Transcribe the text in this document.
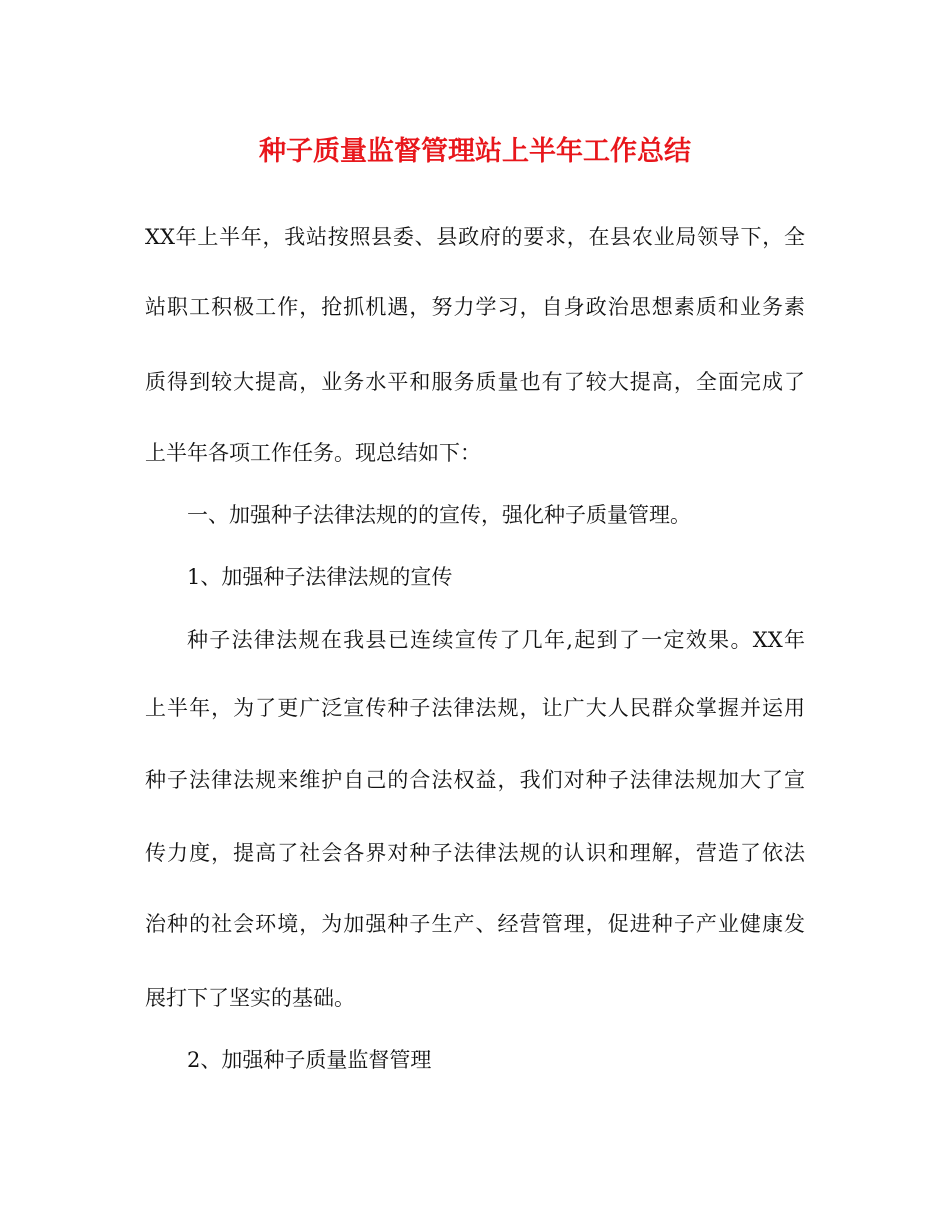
种子质量监督管理站上半年工作总结
XX年上半年，我站按照县委、县政府的要求，在县农业局领导下，全
站职工积极工作，抢抓机遇，努力学习，自身政治思想素质和业务素
质得到较大提高，业务水平和服务质量也有了较大提高，全面完成了
上半年各项工作任务。现总结如下：
一、加强种子法律法规的的宣传，强化种子质量管理。
1、加强种子法律法规的宣传
种子法律法规在我县已连续宣传了几年,起到了一定效果。XX年
上半年，为了更广泛宣传种子法律法规，让广大人民群众掌握并运用
种子法律法规来维护自己的合法权益，我们对种子法律法规加大了宣
传力度，提高了社会各界对种子法律法规的认识和理解，营造了依法
治种的社会环境，为加强种子生产、经营管理，促进种子产业健康发
展打下了坚实的基础。
2、加强种子质量监督管理
